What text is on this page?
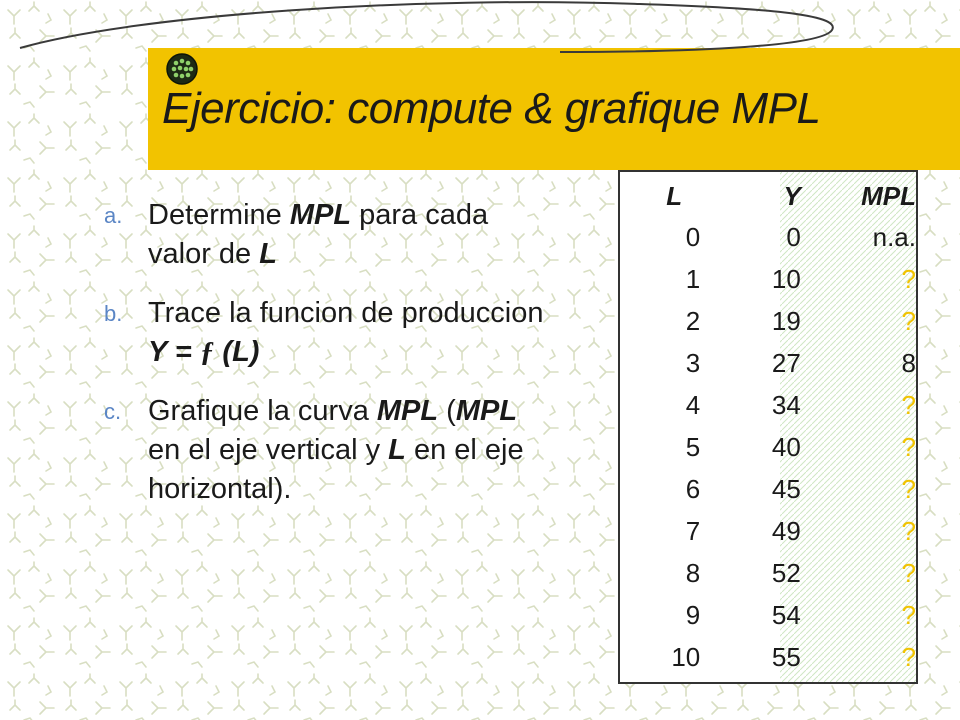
Ejercicio: compute & grafique MPL
a. Determine MPL para cada valor de L
b. Trace la funcion de produccion Y = ƒ (L)
c. Grafique la curva MPL (MPL en el eje vertical y L en el eje horizontal).
L	Y	MPL
0	0	n.a.
1	10	?
2	19	?
3	27	8
4	34	?
5	40	?
6	45	?
7	49	?
8	52	?
9	54	?
10	55	?
